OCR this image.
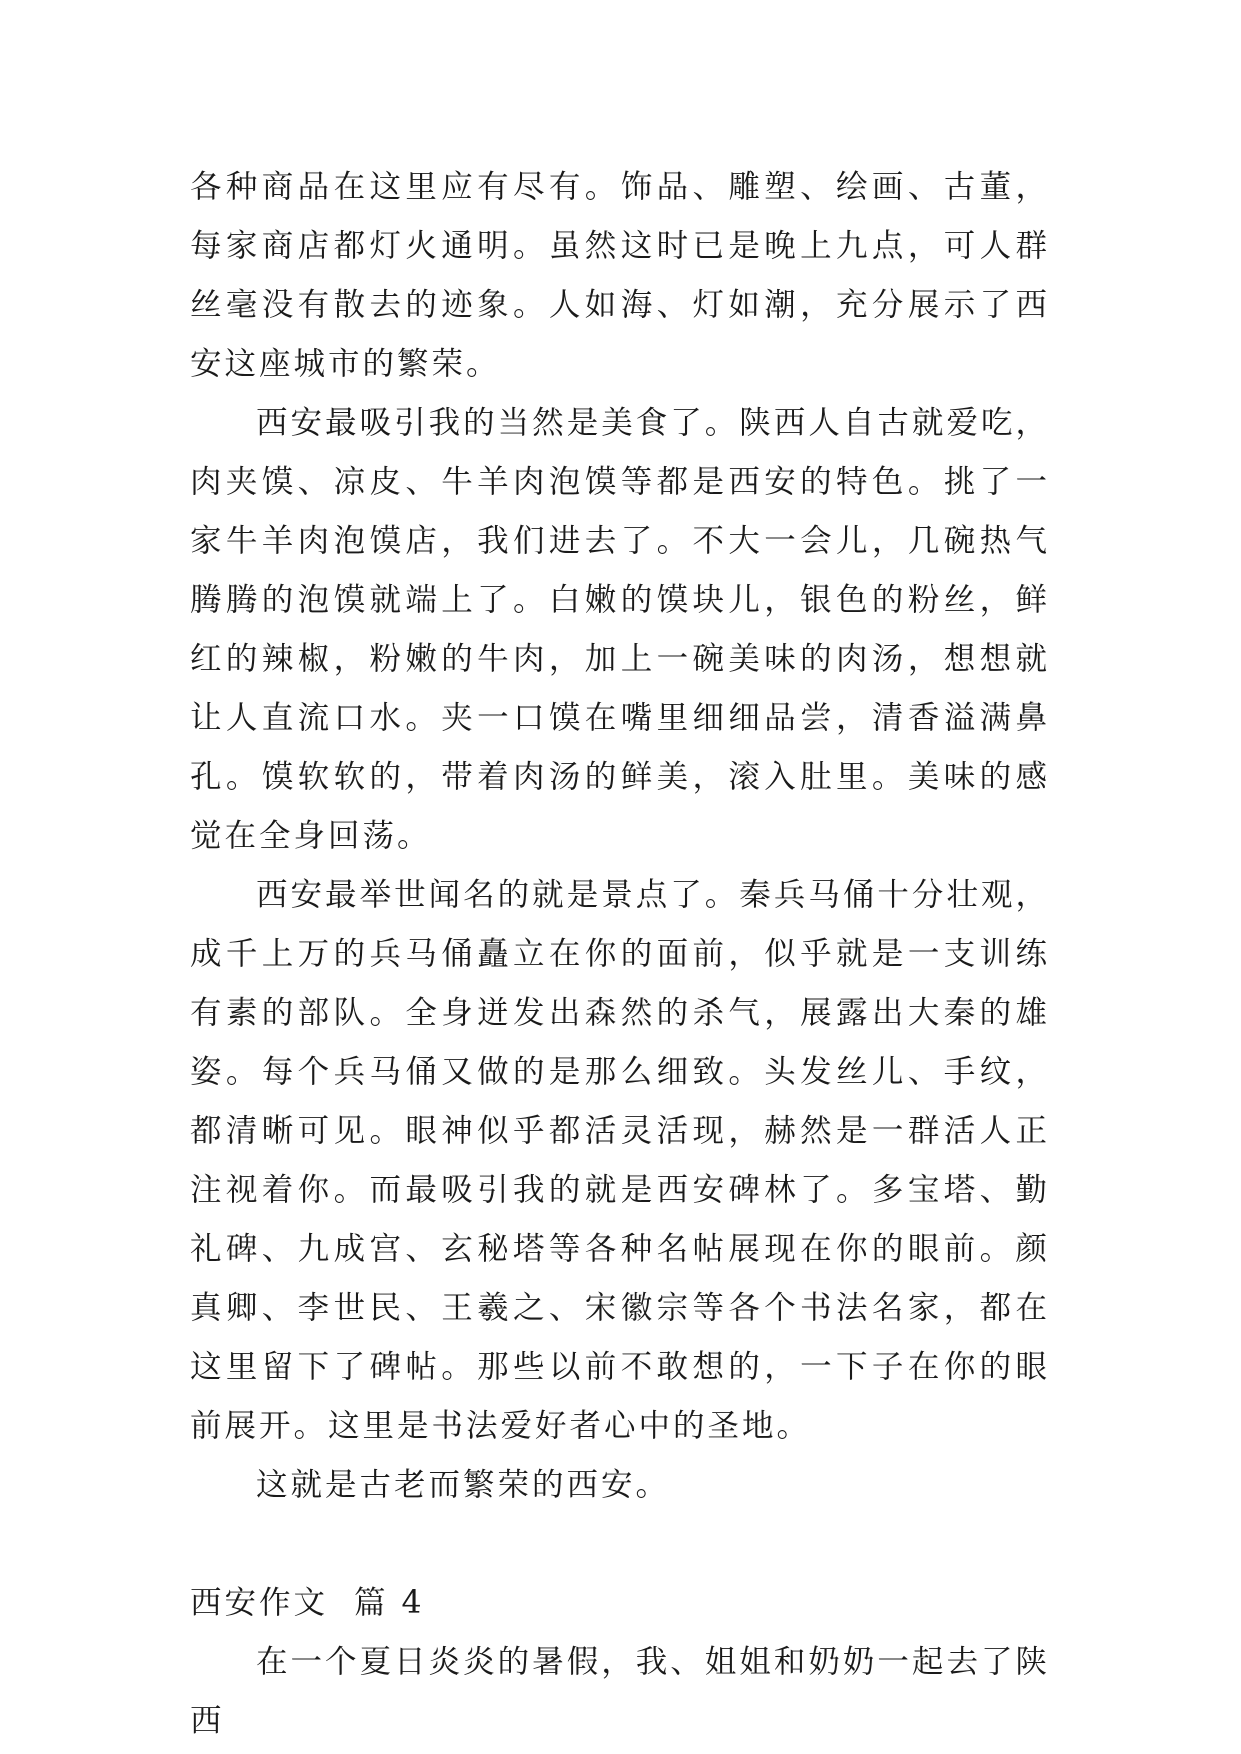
各种商品在这里应有尽有。饰品、雕塑、绘画、古董，每家商店都灯火通明。虽然这时已是晚上九点，可人群丝毫没有散去的迹象。人如海、灯如潮，充分展示了西安这座城市的繁荣。

西安最吸引我的当然是美食了。陕西人自古就爱吃，肉夹馍、凉皮、牛羊肉泡馍等都是西安的特色。挑了一家牛羊肉泡馍店，我们进去了。不大一会儿，几碗热气腾腾的泡馍就端上了。白嫩的馍块儿，银色的粉丝，鲜红的辣椒，粉嫩的牛肉，加上一碗美味的肉汤，想想就让人直流口水。夹一口馍在嘴里细细品尝，清香溢满鼻孔。馍软软的，带着肉汤的鲜美，滚入肚里。美味的感觉在全身回荡。

西安最举世闻名的就是景点了。秦兵马俑十分壮观，成千上万的兵马俑矗立在你的面前，似乎就是一支训练有素的部队。全身迸发出森然的杀气，展露出大秦的雄姿。每个兵马俑又做的是那么细致。头发丝儿、手纹，都清晰可见。眼神似乎都活灵活现，赫然是一群活人正注视着你。而最吸引我的就是西安碑林了。多宝塔、勤礼碑、九成宫、玄秘塔等各种名帖展现在你的眼前。颜真卿、李世民、王羲之、宋徽宗等各个书法名家，都在这里留下了碑帖。那些以前不敢想的，一下子在你的眼前展开。这里是书法爱好者心中的圣地。

这就是古老而繁荣的西安。

西安作文  篇 4

在一个夏日炎炎的暑假，我、姐姐和奶奶一起去了陕西
